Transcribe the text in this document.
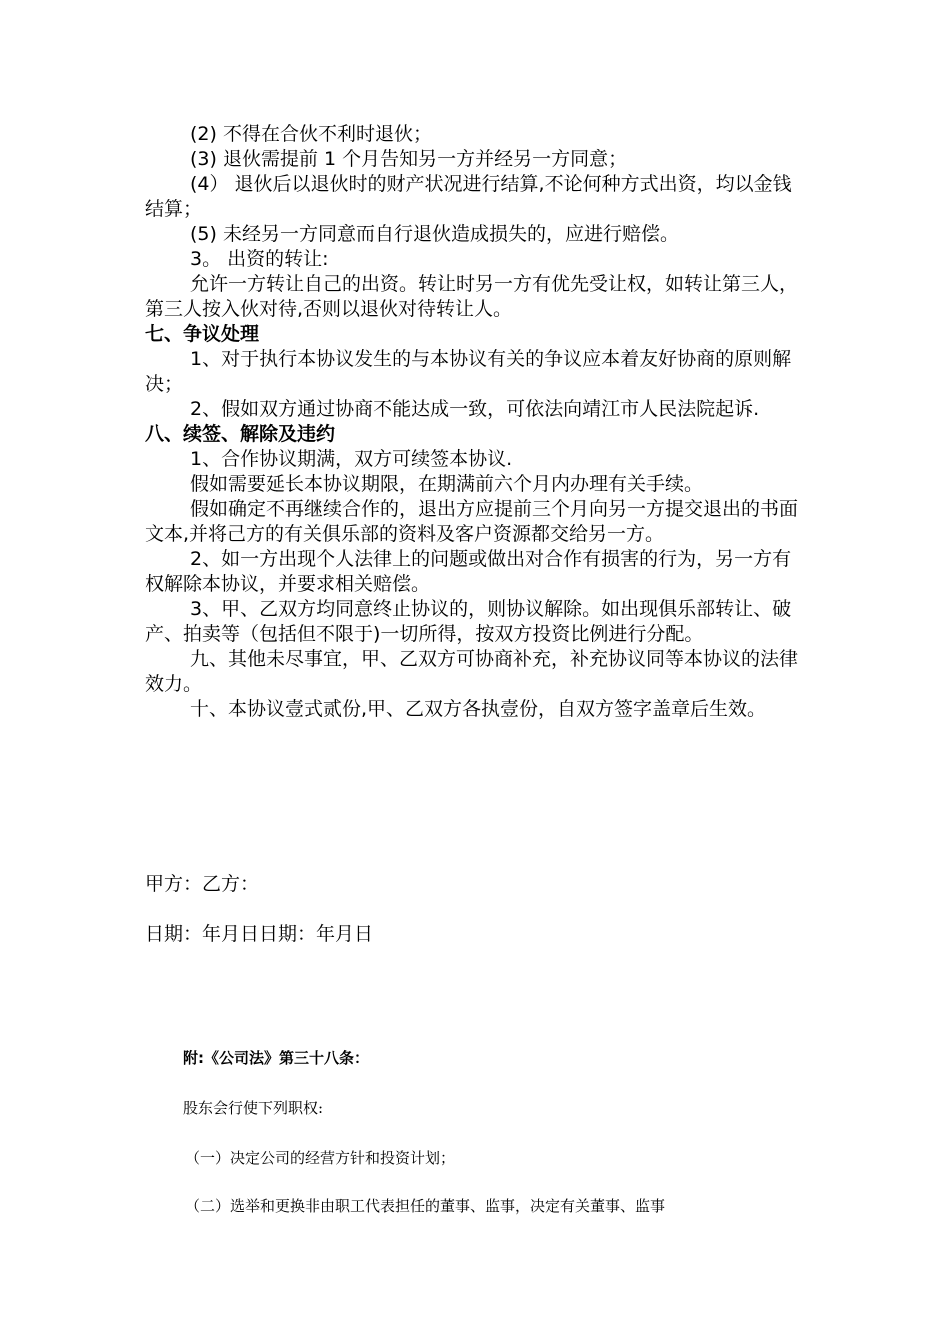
(2) 不得在合伙不利时退伙；

(3) 退伙需提前 1 个月告知另一方并经另一方同意；

(4） 退伙后以退伙时的财产状况进行结算,不论何种方式出资，均以金钱结算；

(5) 未经另一方同意而自行退伙造成损失的，应进行赔偿。

3。 出资的转让:

允许一方转让自己的出资。转让时另一方有优先受让权，如转让第三人，第三人按入伙对待,否则以退伙对待转让人。

七、争议处理

1、对于执行本协议发生的与本协议有关的争议应本着友好协商的原则解决；

2、假如双方通过协商不能达成一致，可依法向靖江市人民法院起诉.

八、续签、解除及违约

1、合作协议期满，双方可续签本协议.

假如需要延长本协议期限，在期满前六个月内办理有关手续。

假如确定不再继续合作的，退出方应提前三个月向另一方提交退出的书面文本,并将己方的有关俱乐部的资料及客户资源都交给另一方。

2、如一方出现个人法律上的问题或做出对合作有损害的行为，另一方有权解除本协议，并要求相关赔偿。

3、甲、乙双方均同意终止协议的，则协议解除。如出现俱乐部转让、破产、拍卖等（包括但不限于)一切所得，按双方投资比例进行分配。

九、其他未尽事宜，甲、乙双方可协商补充，补充协议同等本协议的法律效力。

十、本协议壹式贰份,甲、乙双方各执壹份，自双方签字盖章后生效。

甲方：乙方：

日期：年月日日期：年月日

附:《公司法》第三十八条：

股东会行使下列职权:

（一）决定公司的经营方针和投资计划；

（二）选举和更换非由职工代表担任的董事、监事，决定有关董事、监事
